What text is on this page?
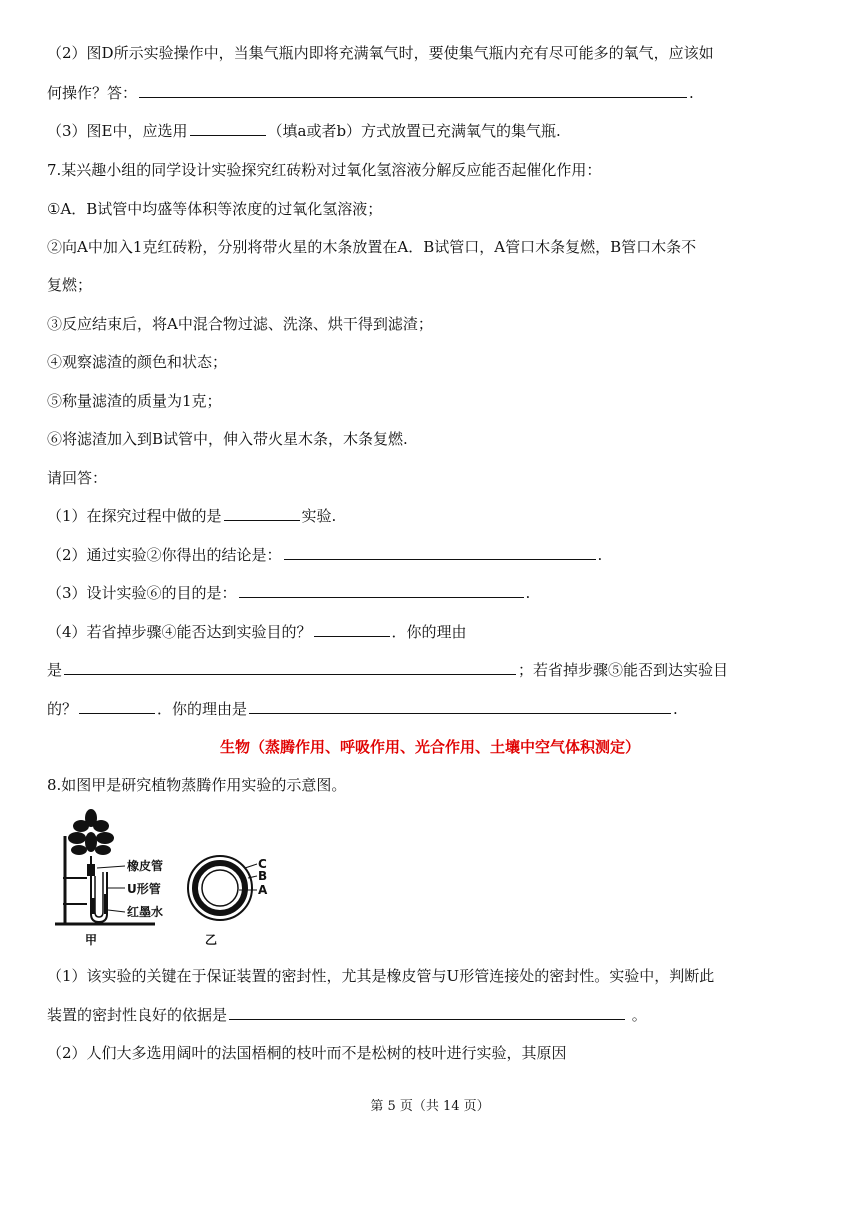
（2）图D所示实验操作中，当集气瓶内即将充满氧气时，要使集气瓶内充有尽可能多的氧气，应该如
何操作？答：	.
（3）图E中，应选用	（填a或者b）方式放置已充满氧气的集气瓶.
7.某兴趣小组的同学设计实验探究红砖粉对过氧化氢溶液分解反应能否起催化作用：
①A．B试管中均盛等体积等浓度的过氧化氢溶液；
②向A中加入1克红砖粉，分别将带火星的木条放置在A．B试管口，A管口木条复燃，B管口木条不
复燃；
③反应结束后，将A中混合物过滤、洗涤、烘干得到滤渣；
④观察滤渣的颜色和状态；
⑤称量滤渣的质量为1克；
⑥将滤渣加入到B试管中，伸入带火星木条，木条复燃.
请回答：
（1）在探究过程中做的是	实验.
（2）通过实验②你得出的结论是：	.
（3）设计实验⑥的目的是：	.
（4）若省掉步骤④能否达到实验目的？	．你的理由
是	；若省掉步骤⑤能否到达实验目
的？	．你的理由是	.
生物（蒸腾作用、呼吸作用、光合作用、土壤中空气体积测定）
8.如图甲是研究植物蒸腾作用实验的示意图。
橡皮管
U形管
红墨水
甲
C
B
A
乙
（1）该实验的关键在于保证装置的密封性，尤其是橡皮管与U形管连接处的密封性。实验中，判断此
装置的密封性良好的依据是	。
（2）人们大多选用阔叶的法国梧桐的枝叶而不是松树的枝叶进行实验，其原因
第 5 页（共 14 页）
